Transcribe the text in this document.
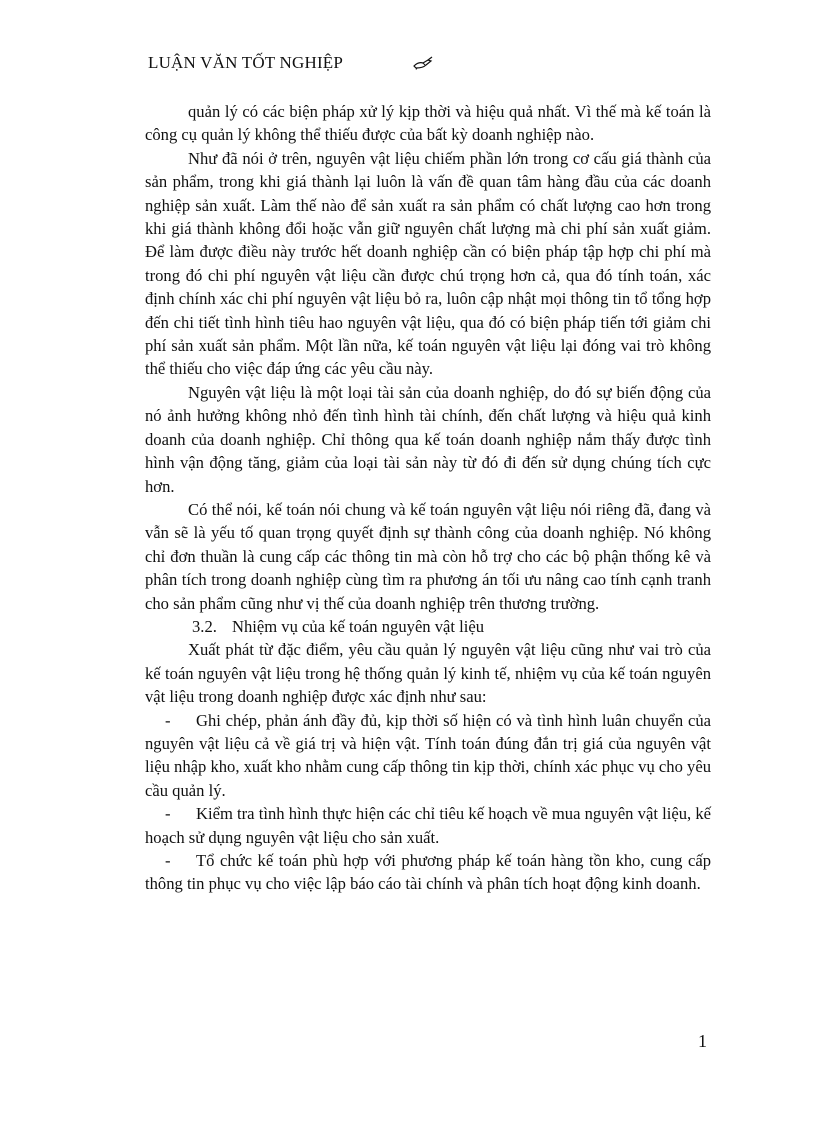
LUẬN VĂN TỐT NGHIỆP

quản lý có các biện pháp xử lý kịp thời và hiệu quả nhất. Vì thế mà kế toán là công cụ quản lý không thể thiếu được của bất kỳ doanh nghiệp nào.

Như đã nói ở trên, nguyên vật liệu chiếm phần lớn trong cơ cấu giá thành của sản phẩm, trong khi giá thành lại luôn là vấn đề quan tâm hàng đầu của các doanh nghiệp sản xuất. Làm thế nào để sản xuất ra sản phẩm có chất lượng cao hơn trong khi giá thành không đổi hoặc vẫn giữ nguyên chất lượng mà chi phí sản xuất giảm. Để làm được điều này trước hết doanh nghiệp cần có biện pháp tập hợp chi phí mà trong đó chi phí nguyên vật liệu cần được chú trọng hơn cả, qua đó tính toán, xác định chính xác chi phí nguyên vật liệu bỏ ra, luôn cập nhật mọi thông tin tổ tổng hợp đến chi tiết tình hình tiêu hao nguyên vật liệu, qua đó có biện pháp tiến tới giảm chi phí sản xuất sản phẩm. Một lần nữa, kế toán nguyên vật liệu lại đóng vai trò không thể thiếu cho việc đáp ứng các yêu cầu này.

Nguyên vật liệu là một loại tài sản của doanh nghiệp, do đó sự biến động của nó ảnh hưởng không nhỏ đến tình hình tài chính, đến chất lượng và hiệu quả kinh doanh của doanh nghiệp. Chỉ thông qua kế toán doanh nghiệp nắm thấy được tình hình vận động tăng, giảm của loại tài sản này từ đó đi đến sử dụng chúng tích cực hơn.

Có thể nói, kế toán nói chung và kế toán nguyên vật liệu nói riêng đã, đang và vẫn sẽ là yếu tố quan trọng quyết định sự thành công của doanh nghiệp. Nó không chỉ đơn thuần là cung cấp các thông tin mà còn hỗ trợ cho các bộ phận thống kê và phân tích trong doanh nghiệp cùng tìm ra phương án tối ưu nâng cao tính cạnh tranh cho sản phẩm cũng như vị thế của doanh nghiệp trên thương trường.

3.2. Nhiệm vụ của kế toán nguyên vật liệu

Xuất phát từ đặc điểm, yêu cầu quản lý nguyên vật liệu cũng như vai trò của kế toán nguyên vật liệu trong hệ thống quản lý kinh tế, nhiệm vụ của kế toán nguyên vật liệu trong doanh nghiệp được xác định như sau:

- Ghi chép, phản ánh đầy đủ, kịp thời số hiện có và tình hình luân chuyển của nguyên vật liệu cả về giá trị và hiện vật. Tính toán đúng đắn trị giá của nguyên vật liệu nhập kho, xuất kho nhằm cung cấp thông tin kịp thời, chính xác phục vụ cho yêu cầu quản lý.

- Kiểm tra tình hình thực hiện các chỉ tiêu kế hoạch về mua nguyên vật liệu, kế hoạch sử dụng nguyên vật liệu cho sản xuất.

- Tổ chức kế toán phù hợp với phương pháp kế toán hàng tồn kho, cung cấp thông tin phục vụ cho việc lập báo cáo tài chính và phân tích hoạt động kinh doanh.

1
